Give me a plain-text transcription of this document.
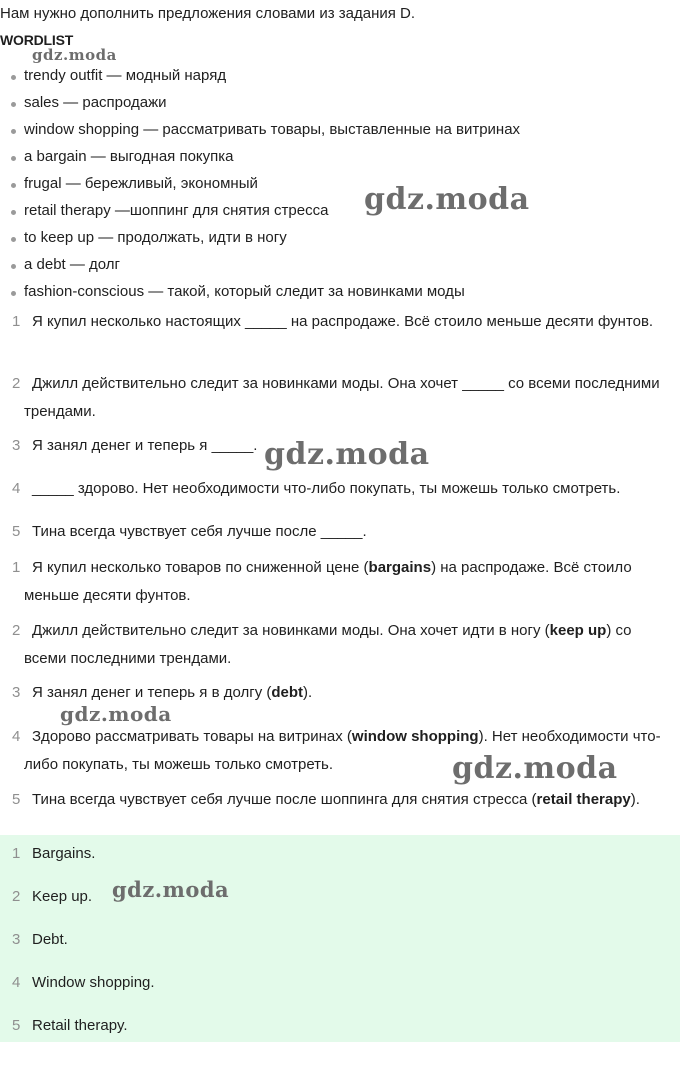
Нам нужно дополнить предложения словами из задания D.
WORDLIST
trendy outfit — модный наряд
sales — распродажи
window shopping — рассматривать товары, выставленные на витринах
a bargain — выгодная покупка
frugal — бережливый, экономный
retail therapy —шоппинг для снятия стресса
to keep up — продолжать, идти в ногу
a debt — долг
fashion-conscious — такой, который следит за новинками моды
1 Я купил несколько настоящих _____ на распродаже. Всё стоило меньше десяти фунтов.
2 Джилл действительно следит за новинками моды. Она хочет _____ со всеми последними трендами.
3 Я занял денег и теперь я _____.
4 _____ здорово. Нет необходимости что-либо покупать, ты можешь только смотреть.
5 Тина всегда чувствует себя лучше после _____.
1 Я купил несколько товаров по сниженной цене (bargains) на распродаже. Всё стоило меньше десяти фунтов.
2 Джилл действительно следит за новинками моды. Она хочет идти в ногу (keep up) со всеми последними трендами.
3 Я занял денег и теперь я в долгу (debt).
4 Здорово рассматривать товары на витринах (window shopping). Нет необходимости что-либо покупать, ты можешь только смотреть.
5 Тина всегда чувствует себя лучше после шоппинга для снятия стресса (retail therapy).
1 Bargains.
2 Keep up.
3 Debt.
4 Window shopping.
5 Retail therapy.
gdz.moda
gdz.moda
gdz.moda
gdz.moda
gdz.moda
gdz.moda
